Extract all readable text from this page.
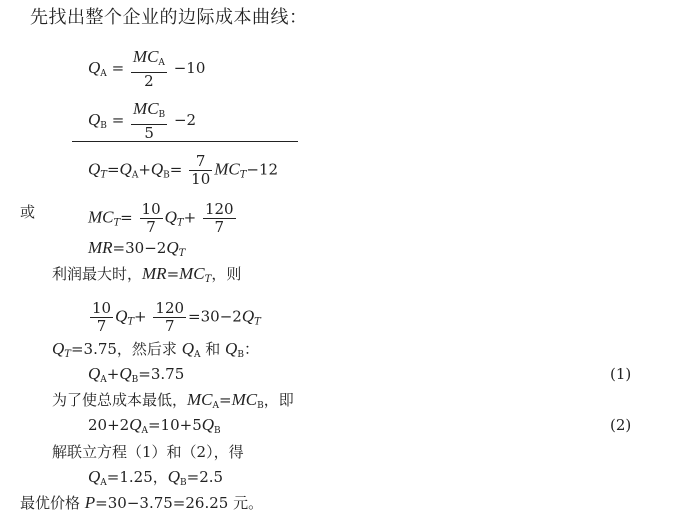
先找出整个企业的边际成本曲线：
$Q_A = \frac{MC_A}{2} -10$
$Q_B = \frac{MC_B}{5} -2$
$Q_T=Q_A+Q_B= \frac{7}{10} MC_T-12$
或	$MC_T= \frac{10}{7} Q_T+ \frac{120}{7}$
$MR=30-2Q_T$
利润最大时，$MR=MC_T$，则
$\frac{10}{7} Q_T+ \frac{120}{7} =30-2Q_T$
$Q_T=3.75$，然后求 $Q_A$ 和 $Q_B$：
$Q_A+Q_B=3.75$	(1)
为了使总成本最低，$MC_A=MC_B$，即
$20+2Q_A=10+5Q_B$	(2)
解联立方程（1）和（2），得
$Q_A=1.25$，$Q_B=2.5$
最优价格 P=30−3.75=26.25 元。
